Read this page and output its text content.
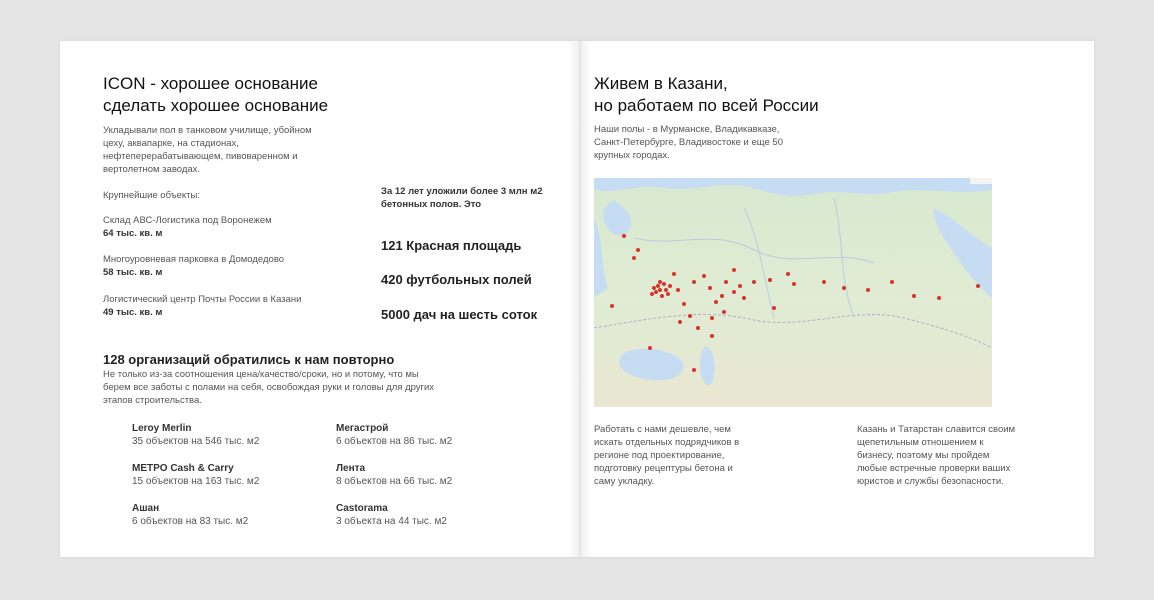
ICON - хорошее основание
сделать хорошее основание
Укладывали пол в танковом училище, убойном
цеху, аквапарке, на стадионах,
нефтеперерабатывающем, пивоваренном и
вертолетном заводах.
Крупнейшие объекты:
Склад АВС-Логистика под Воронежем
64 тыс. кв. м
Многоуровневая парковка в Домодедово
58 тыс. кв. м
Логистический центр Почты России в Казани
49 тыс. кв. м
За 12 лет уложили более 3 млн м2
бетонных полов. Это
121 Красная площадь
420 футбольных полей
5000 дач на шесть соток
128 организаций обратились к нам повторно
Не только из-за соотношения цена/качество/сроки, но и потому, что мы
берем все заботы с полами на себя, освобождая руки и головы для других
этапов строительства.
Leroy Merlin
35 объектов на 546 тыс. м2
Мегастрой
6 объектов на 86 тыс. м2
METPO Cash & Carry
15 объектов на 163 тыс. м2
Лента
8 объектов на 66 тыс. м2
Ашан
6 объектов на 83 тыс. м2
Castorama
3 объекта на 44 тыс. м2
Живем в Казани,
но работаем по всей России
Наши полы - в Мурманске, Владикавказе,
Санкт-Петербурге, Владивостоке и еще 50
крупных городах.
Работать с нами дешевле, чем
искать отдельных подрядчиков в
регионе под проектирование,
подготовку рецептуры бетона и
саму укладку.
Казань и Татарстан славится своим
щепетильным отношением к
бизнесу, поэтому мы пройдем
любые встречные проверки ваших
юристов и службы безопасности.
